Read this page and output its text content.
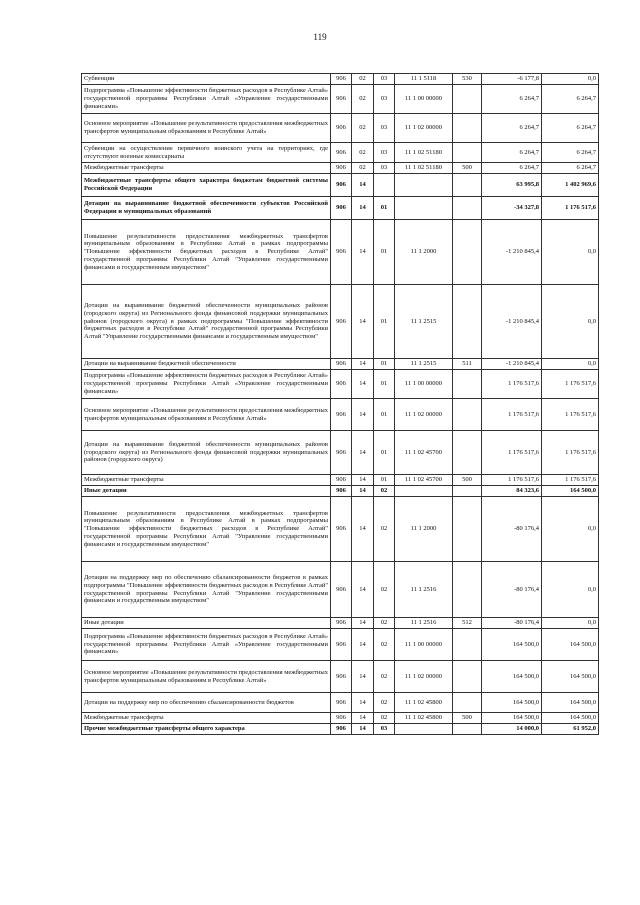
119
Субвенции	906	02	03	11 1 5118	530	-6 177,8	0,0
Подпрограмма «Повышение эффективности бюджетных расходов в Республике Алтай» государственной программы Республики Алтай «Управление государственными финансами»	906	02	03	11 1 00 00000		6 264,7	6 264,7
Основное мероприятие «Повышение результативности предоставления межбюджетных трансфертов муниципальным образованиям в Республике Алтай»	906	02	03	11 1 02 00000		6 264,7	6 264,7
Субвенции на осуществление первичного воинского учета на территориях, где отсутствуют военные комиссариаты	906	02	03	11 1 02 51180		6 264,7	6 264,7
Межбюджетные трансферты	906	02	03	11 1 02 51180	500	6 264,7	6 264,7
Межбюджетные трансферты общего характера бюджетам бюджетной системы Российской Федерации	906	14				63 995,8	1 402 969,6
Дотации на выравнивание бюджетной обеспеченности субъектов Российской Федерации и муниципальных образований	906	14	01			-34 327,8	1 176 517,6
Повышение результативности предоставления межбюджетных трансфертов муниципальным образованиям в Республике Алтай в рамках подпрограммы "Повышение эффективности бюджетных расходов в Республике Алтай" государственной программы Республики Алтай "Управление государственными финансами и государственным имуществом"	906	14	01	11 1 2000		-1 210 845,4	0,0
Дотации на выравнивание бюджетной обеспеченности муниципальных районов (городского округа) из Регионального фонда финансовой поддержки муниципальных районов (городского округа) в рамках подпрограммы "Повышение эффективности бюджетных расходов в Республике Алтай" государственной программы Республики Алтай "Управление государственными финансами и государственным имуществом"	906	14	01	11 1 2515		-1 210 845,4	0,0
Дотации на выравнивание бюджетной обеспеченности	906	14	01	11 1 2515	511	-1 210 845,4	0,0
Подпрограмма «Повышение эффективности бюджетных расходов в Республике Алтай» государственной программы Республики Алтай «Управление государственными финансами»	906	14	01	11 1 00 00000		1 176 517,6	1 176 517,6
Основное мероприятие «Повышение результативности предоставления межбюджетных трансфертов муниципальным образованиям в Республике Алтай»	906	14	01	11 1 02 00000		1 176 517,6	1 176 517,6
Дотации на выравнивание бюджетной обеспеченности муниципальных районов (городского округа) из Регионального фонда финансовой поддержки муниципальных районов (городского округа)	906	14	01	11 1 02 45700		1 176 517,6	1 176 517,6
Межбюджетные трансферты	906	14	01	11 1 02 45700	500	1 176 517,6	1 176 517,6
Иные дотации	906	14	02			84 323,6	164 500,0
Повышение результативности предоставления межбюджетных трансфертов муниципальным образованиям в Республике Алтай в рамках подпрограммы "Повышение эффективности бюджетных расходов в Республике Алтай" государственной программы Республики Алтай "Управление государственными финансами и государственным имуществом"	906	14	02	11 1 2000		-80 176,4	0,0
Дотации на поддержку мер по обеспечению сбалансированности бюджетов в рамках подпрограммы "Повышение эффективности бюджетных расходов в Республике Алтай" государственной программы Республики Алтай "Управление государственными финансами и государственным имуществом"	906	14	02	11 1 2516		-80 176,4	0,0
Иные дотации	906	14	02	11 1 2516	512	-80 176,4	0,0
Подпрограмма «Повышение эффективности бюджетных расходов в Республике Алтай» государственной программы Республики Алтай «Управление государственными финансами»	906	14	02	11 1 00 00000		164 500,0	164 500,0
Основное мероприятие «Повышение результативности предоставления межбюджетных трансфертов муниципальным образованиям в Республике Алтай»	906	14	02	11 1 02 00000		164 500,0	164 500,0
Дотации на поддержку мер по обеспечению сбалансированности бюджетов	906	14	02	11 1 02 45800		164 500,0	164 500,0
Межбюджетные трансферты	906	14	02	11 1 02 45800	500	164 500,0	164 500,0
Прочие межбюджетные трансферты общего характера	906	14	03			14 000,0	61 952,0
